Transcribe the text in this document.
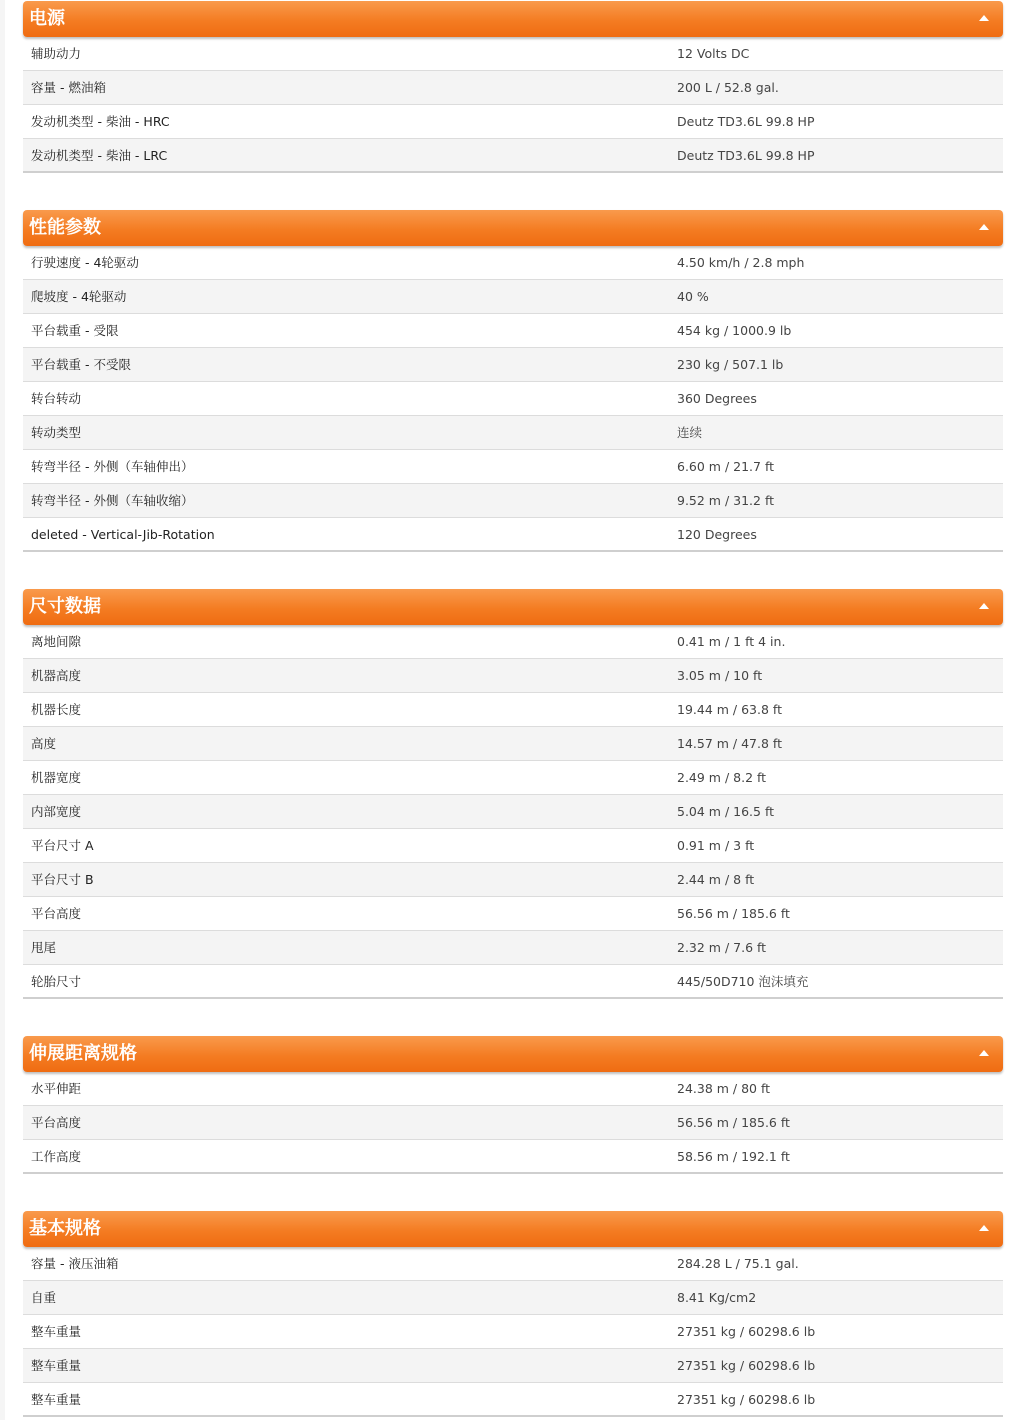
电源
辅助动力	12 Volts DC
容量 - 燃油箱	200 L / 52.8 gal.
发动机类型 - 柴油 - HRC	Deutz TD3.6L 99.8 HP
发动机类型 - 柴油 - LRC	Deutz TD3.6L 99.8 HP
性能参数
行驶速度 - 4轮驱动	4.50 km/h / 2.8 mph
爬坡度 - 4轮驱动	40 %
平台载重 - 受限	454 kg / 1000.9 lb
平台载重 - 不受限	230 kg / 507.1 lb
转台转动	360 Degrees
转动类型	连续
转弯半径 - 外侧（车轴伸出）	6.60 m / 21.7 ft
转弯半径 - 外侧（车轴收缩）	9.52 m / 31.2 ft
deleted - Vertical-Jib-Rotation	120 Degrees
尺寸数据
离地间隙	0.41 m / 1 ft 4 in.
机器高度	3.05 m / 10 ft
机器长度	19.44 m / 63.8 ft
高度	14.57 m / 47.8 ft
机器宽度	2.49 m / 8.2 ft
内部宽度	5.04 m / 16.5 ft
平台尺寸 A	0.91 m / 3 ft
平台尺寸 B	2.44 m / 8 ft
平台高度	56.56 m / 185.6 ft
甩尾	2.32 m / 7.6 ft
轮胎尺寸	445/50D710 泡沫填充
伸展距离规格
水平伸距	24.38 m / 80 ft
平台高度	56.56 m / 185.6 ft
工作高度	58.56 m / 192.1 ft
基本规格
容量 - 液压油箱	284.28 L / 75.1 gal.
自重	8.41 Kg/cm2
整车重量	27351 kg / 60298.6 lb
整车重量	27351 kg / 60298.6 lb
整车重量	27351 kg / 60298.6 lb
